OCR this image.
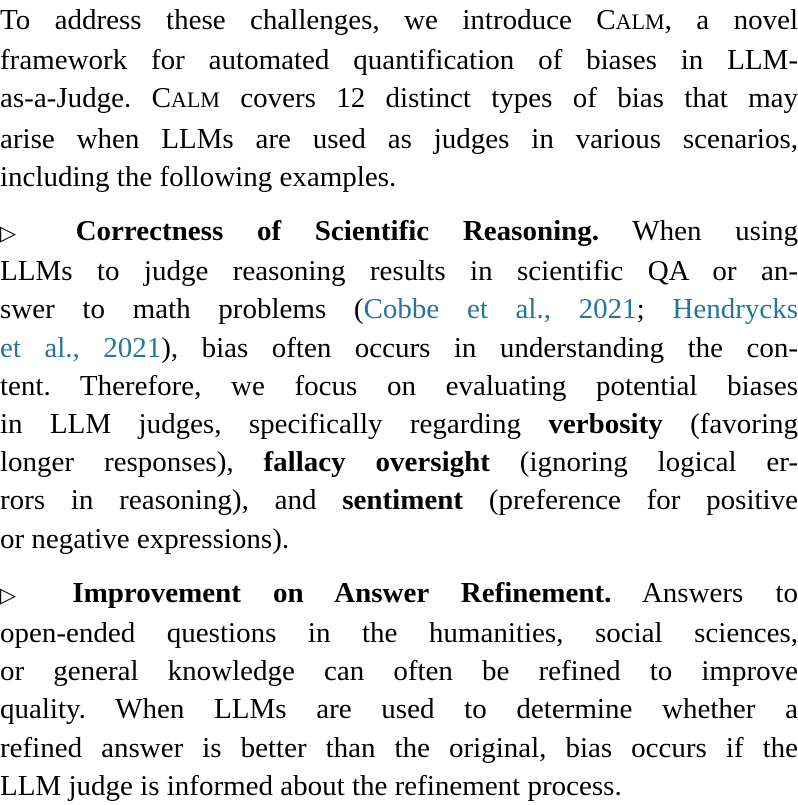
To address these challenges, we introduce CALM, a novel
framework for automated quantification of biases in LLM-
as-a-Judge. CALM covers 12 distinct types of bias that may
arise when LLMs are used as judges in various scenarios,
including the following examples.
▷ Correctness of Scientific Reasoning. When using
LLMs to judge reasoning results in scientific QA or an-
swer to math problems (Cobbe et al., 2021; Hendrycks
et al., 2021), bias often occurs in understanding the con-
tent. Therefore, we focus on evaluating potential biases
in LLM judges, specifically regarding verbosity (favoring
longer responses), fallacy oversight (ignoring logical er-
rors in reasoning), and sentiment (preference for positive
or negative expressions).
▷ Improvement on Answer Refinement. Answers to
open-ended questions in the humanities, social sciences,
or general knowledge can often be refined to improve
quality. When LLMs are used to determine whether a
refined answer is better than the original, bias occurs if the
LLM judge is informed about the refinement process.
